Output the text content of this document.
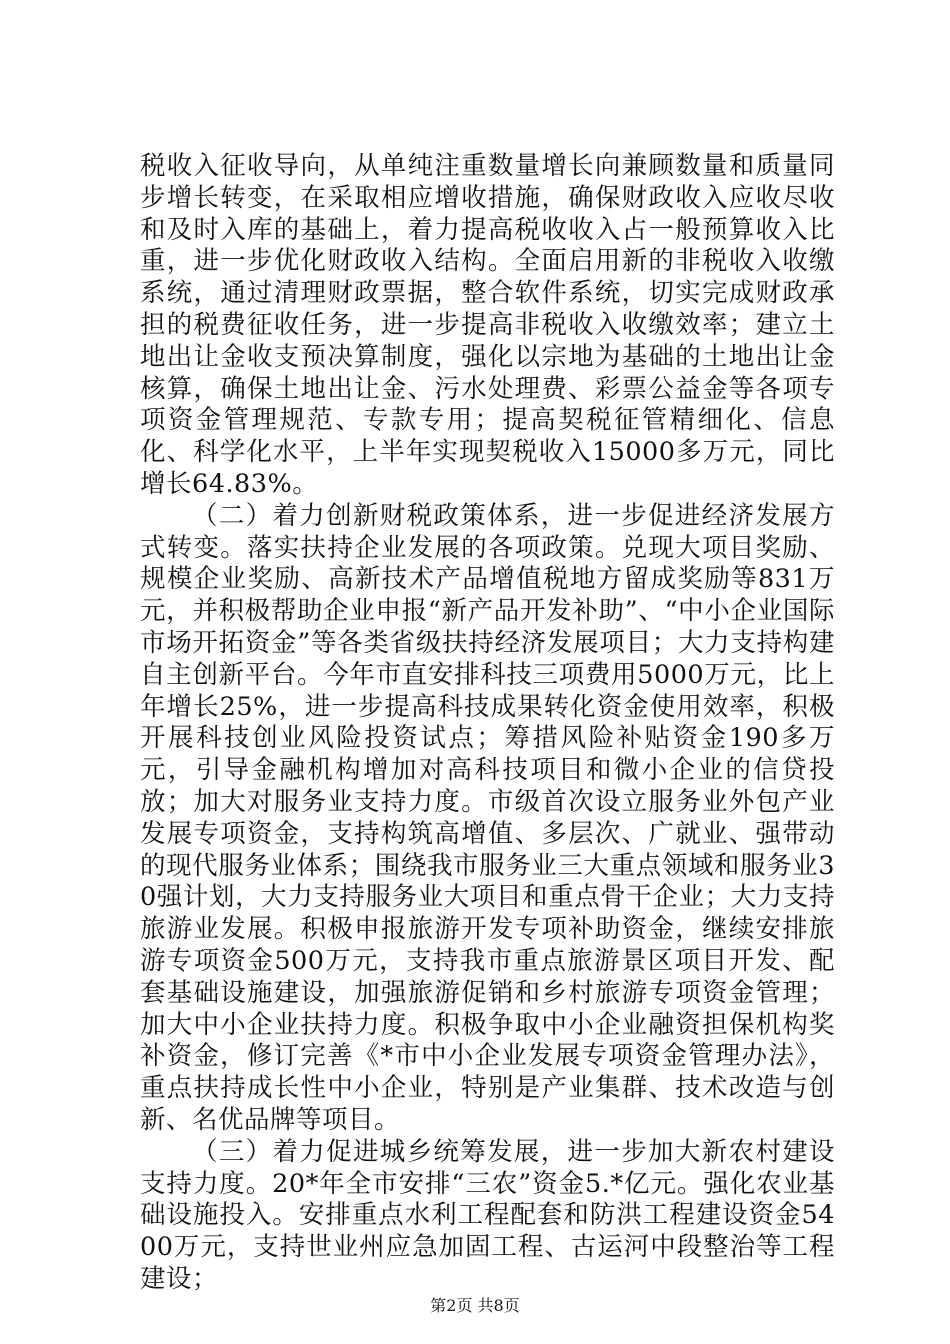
税收入征收导向，从单纯注重数量增长向兼顾数量和质量同步增长转变，在采取相应增收措施，确保财政收入应收尽收和及时入库的基础上，着力提高税收收入占一般预算收入比重，进一步优化财政收入结构。全面启用新的非税收入收缴系统，通过清理财政票据，整合软件系统，切实完成财政承担的税费征收任务，进一步提高非税收入收缴效率；建立土地出让金收支预决算制度，强化以宗地为基础的土地出让金核算，确保土地出让金、污水处理费、彩票公益金等各项专项资金管理规范、专款专用；提高契税征管精细化、信息化、科学化水平，上半年实现契税收入15000多万元，同比增长64.83%。

（二）着力创新财税政策体系，进一步促进经济发展方式转变。落实扶持企业发展的各项政策。兑现大项目奖励、规模企业奖励、高新技术产品增值税地方留成奖励等831万元，并积极帮助企业申报“新产品开发补助”、“中小企业国际市场开拓资金”等各类省级扶持经济发展项目；大力支持构建自主创新平台。今年市直安排科技三项费用5000万元，比上年增长25%，进一步提高科技成果转化资金使用效率，积极开展科技创业风险投资试点；筹措风险补贴资金190多万元，引导金融机构增加对高科技项目和微小企业的信贷投放；加大对服务业支持力度。市级首次设立服务业外包产业发展专项资金，支持构筑高增值、多层次、广就业、强带动的现代服务业体系；围绕我市服务业三大重点领域和服务业30强计划，大力支持服务业大项目和重点骨干企业；大力支持旅游业发展。积极申报旅游开发专项补助资金，继续安排旅游专项资金500万元，支持我市重点旅游景区项目开发、配套基础设施建设，加强旅游促销和乡村旅游专项资金管理；加大中小企业扶持力度。积极争取中小企业融资担保机构奖补资金，修订完善《*市中小企业发展专项资金管理办法》，重点扶持成长性中小企业，特别是产业集群、技术改造与创新、名优品牌等项目。

（三）着力促进城乡统筹发展，进一步加大新农村建设支持力度。20*年全市安排“三农”资金5.*亿元。强化农业基础设施投入。安排重点水利工程配套和防洪工程建设资金5400万元，支持世业州应急加固工程、古运河中段整治等工程建设；

第2页 共8页
